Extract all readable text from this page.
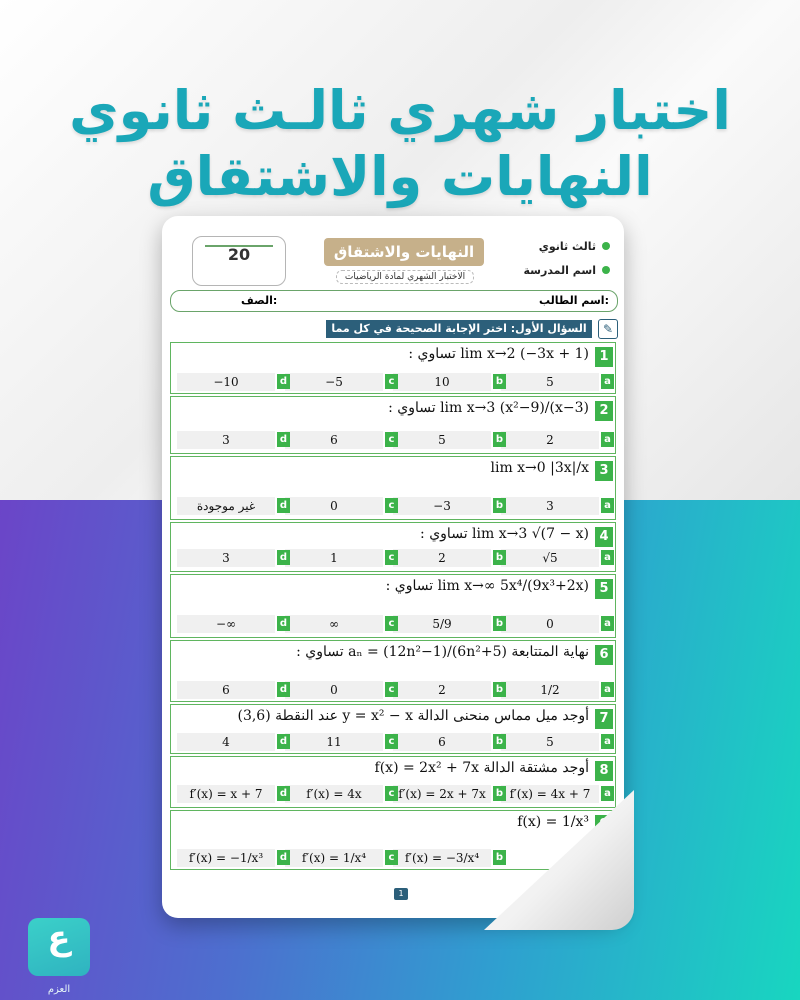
اختبار شهري ثالـث ثانوي
النهايات والاشتقاق
20	النهايات والاشتقاق
الاختبار الشهري لمادة الرياضيات
ثالث ثانوي
اسم المدرسة
اسم الطالب:
الصف:
السؤال الأول: اختر الإجابة الصحيحة في كل مما	✎
1
lim x→2 (−3x + 1) تساوي :
5	a
10	b
−5	c
−10	d
2
lim x→3 (x²−9)/(x−3) تساوي :
2	a
5	b
6	c
3	d
3
lim x→0 |3x|/x
3	a
−3	b
0	c
غير موجودة	d
4
lim x→3 √(7 − x) تساوي :
√5	a
2	b
1	c
3	d
5
lim x→∞ 5x⁴/(9x³+2x) تساوي :
0	a
5/9	b
∞	c
−∞	d
6
نهاية المتتابعة aₙ = (12n²−1)/(6n²+5) تساوي :
1/2	a
2	b
0	c
6	d
7
أوجد ميل مماس منحنى الدالة y = x² − x عند النقطة (3,6)
5	a
6	b
11	c
4	d
8
أوجد مشتقة الدالة f(x) = 2x² + 7x
f′(x) = 4x + 7	a
f′(x) = 2x + 7x	b
f′(x) = 4x	c
f′(x) = x + 7	d
f(x) = 1/x³
f′(x) = −3/x⁴	b
f′(x) = 1/x⁴	c
f′(x) = −1/x³	d
1
ع
العزم
